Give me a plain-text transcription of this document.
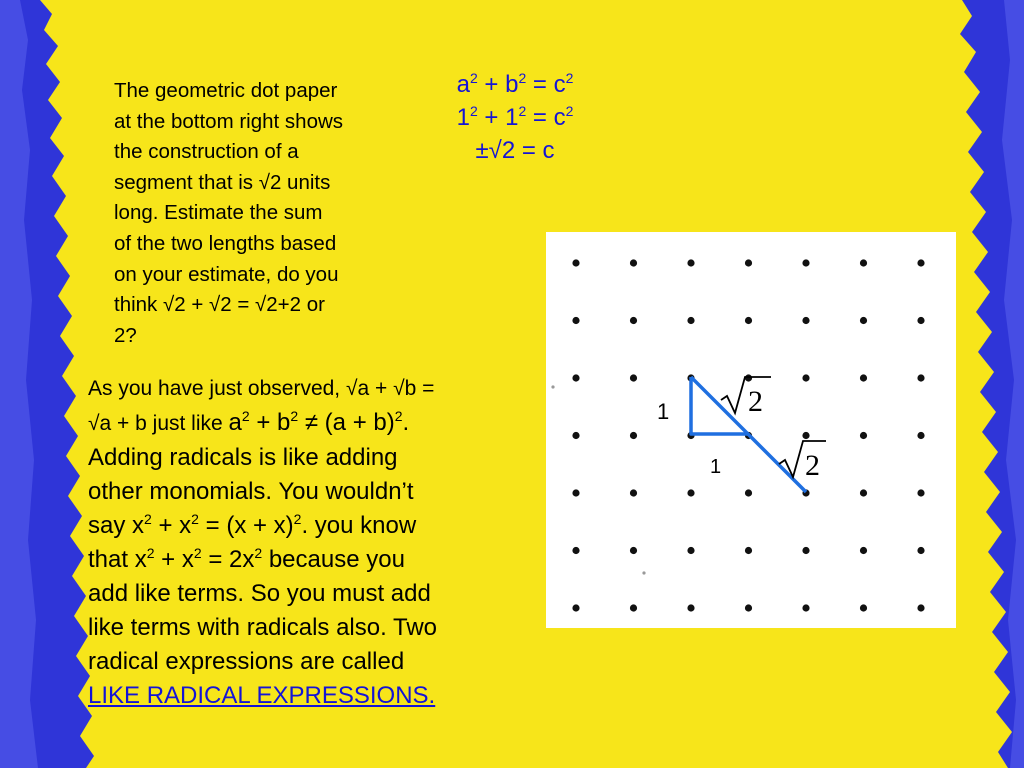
The geometric dot paper
at the bottom right shows
the construction of a
segment that is √2 units
long. Estimate the sum
of the two lengths based
on your estimate, do you
think √2 + √2 = √2+2 or
2?
$a^2 + b^2 = c^2$
$1^2 + 1^2 = c^2$
±√2 = c
As you have just observed, √a + √b =
√a + b just like $a^2 + b^2 \ne (a + b)^2$.
Adding radicals is like adding
other monomials. You wouldn’t
say $x^2 + x^2 = (x + x)^2$. you know
that $x^2 + x^2 = 2x^2$ because you
add like terms. So you must add
like terms with radicals also. Two
radical expressions are called
LIKE RADICAL EXPRESSIONS.
2
2
1
1
